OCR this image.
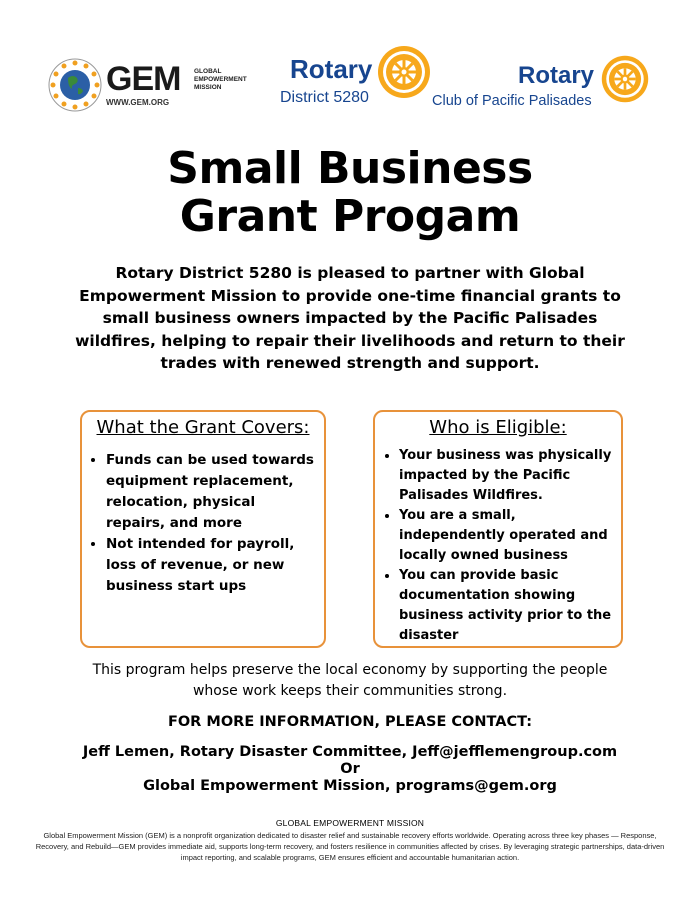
GEM GLOBAL
EMPOWERMENT
MISSION
WWW.GEM.ORG
Rotary
District 5280
Rotary
Club of Pacific Palisades
Small Business
Grant Progam

Rotary District 5280 is pleased to partner with Global Empowerment Mission to provide one-time financial grants to small business owners impacted by the Pacific Palisades wildfires, helping to repair their livelihoods and return to their trades with renewed strength and support.

What the Grant Covers:
• Funds can be used towards equipment replacement, relocation, physical repairs, and more
• Not intended for payroll, loss of revenue, or new business start ups
Who is Eligible:
• Your business was physically impacted by the Pacific Palisades Wildfires.
• You are a small, independently operated and locally owned business
• You can provide basic documentation showing business activity prior to the disaster

This program helps preserve the local economy by supporting the people whose work keeps their communities strong.

FOR MORE INFORMATION, PLEASE CONTACT:
Jeff Lemen, Rotary Disaster Committee, Jeff@jefflemengroup.com
Or
Global Empowerment Mission, programs@gem.org
GLOBAL EMPOWERMENT MISSION
Global Empowerment Mission (GEM) is a nonprofit organization dedicated to disaster relief and sustainable recovery efforts worldwide. Operating across three key phases — Response, Recovery, and Rebuild—GEM provides immediate aid, supports long-term recovery, and fosters resilience in communities affected by crises. By leveraging strategic partnerships, data-driven impact reporting, and scalable programs, GEM ensures efficient and accountable humanitarian action.
